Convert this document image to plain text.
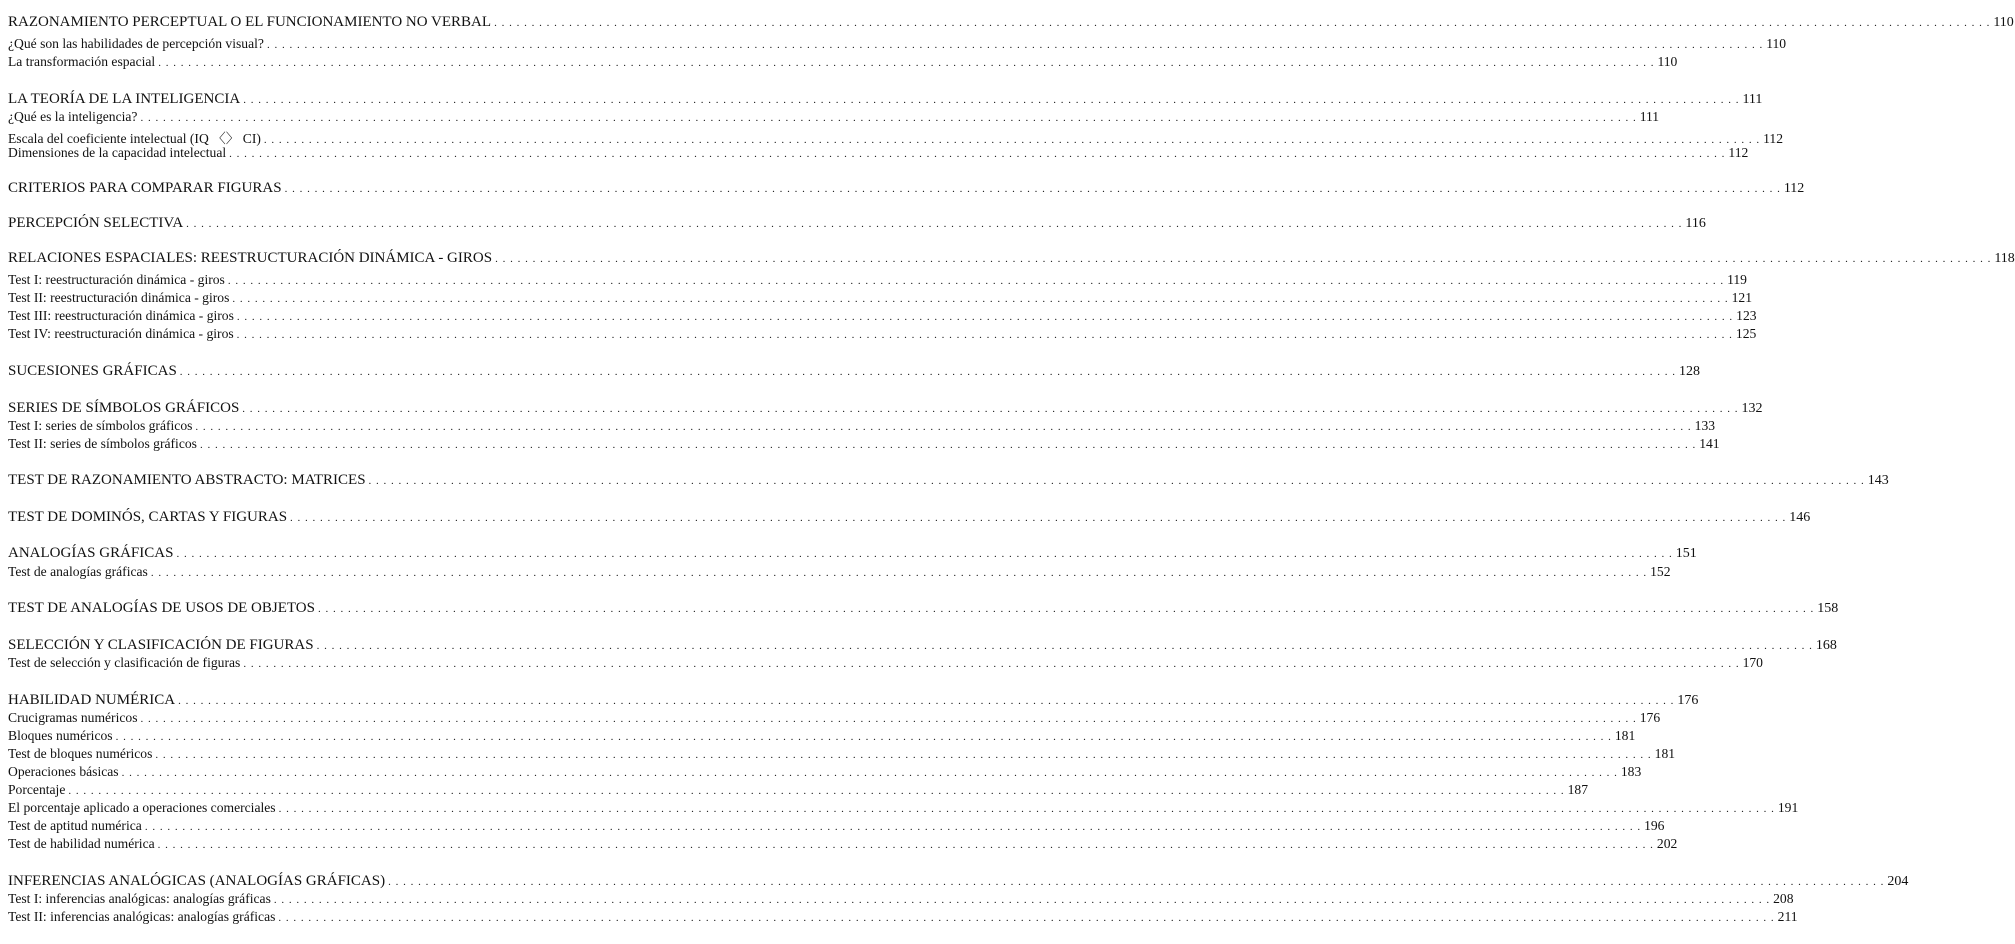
RAZONAMIENTO PERCEPTUAL O EL FUNCIONAMIENTO NO VERBAL . . . . . . . . . . . . . . . . . . . . . . . . . . . . . . . . . . . . . . . . . . . . . . . . . . . . . . . . . . . . . . . . . . . . . . . . . . . . . . . . . . . . . . . . . . . . . . . . . . . . . . . . . . . . . . . . . . . . . . . . . . . . . . . . . . . . . . . . . . . . . . . . . . . . . . . . . . . . . . . . . . . . . . . . . . . . . . . . . . . . . . . . . . . . . . . . . . . . . . . . 110
¿Qué son las habilidades de percepción visual? . . . . . . . . . . . . . . . . . . . . . . . . . . . . . . . . . . . . . . . . . . . . . . . . . . . . . . . . . . . . . . . . . . . . . . . . . . . . . . . . . . . . . . . . . . . . . . . . . . . . . . . . . . . . . . . . . . . . . . . . . . . . . . . . . . . . . . . . . . . . . . . . . . . . . . . . . . . . . . . . . . . . . . . . . . . . . . . . . . . . . . . . . . . . . . . . . . . . . . . . 110
La transformación espacial . . . . . . . . . . . . . . . . . . . . . . . . . . . . . . . . . . . . . . . . . . . . . . . . . . . . . . . . . . . . . . . . . . . . . . . . . . . . . . . . . . . . . . . . . . . . . . . . . . . . . . . . . . . . . . . . . . . . . . . . . . . . . . . . . . . . . . . . . . . . . . . . . . . . . . . . . . . . . . . . . . . . . . . . . . . . . . . . . . . . . . . . . . . . . . . . . . . . . . . . 110
LA TEORÍA DE LA INTELIGENCIA . . . . . . . . . . . . . . . . . . . . . . . . . . . . . . . . . . . . . . . . . . . . . . . . . . . . . . . . . . . . . . . . . . . . . . . . . . . . . . . . . . . . . . . . . . . . . . . . . . . . . . . . . . . . . . . . . . . . . . . . . . . . . . . . . . . . . . . . . . . . . . . . . . . . . . . . . . . . . . . . . . . . . . . . . . . . . . . . . . . . . . . . . . . . . . . . . . . . . . . . 111
¿Qué es la inteligencia? . . . . . . . . . . . . . . . . . . . . . . . . . . . . . . . . . . . . . . . . . . . . . . . . . . . . . . . . . . . . . . . . . . . . . . . . . . . . . . . . . . . . . . . . . . . . . . . . . . . . . . . . . . . . . . . . . . . . . . . . . . . . . . . . . . . . . . . . . . . . . . . . . . . . . . . . . . . . . . . . . . . . . . . . . . . . . . . . . . . . . . . . . . . . . . . . . . . . . . . . 111
Escala del coeficiente intelectual (IQ 〈〉 CI) . . . . . . . . . . . . . . . . . . . . . . . . . . . . . . . . . . . . . . . . . . . . . . . . . . . . . . . . . . . . . . . . . . . . . . . . . . . . . . . . . . . . . . . . . . . . . . . . . . . . . . . . . . . . . . . . . . . . . . . . . . . . . . . . . . . . . . . . . . . . . . . . . . . . . . . . . . . . . . . . . . . . . . . . . . . . . . . . . . . . . . . . . . . . . . . . . . . . . . . . 112
Dimensiones de la capacidad intelectual . . . . . . . . . . . . . . . . . . . . . . . . . . . . . . . . . . . . . . . . . . . . . . . . . . . . . . . . . . . . . . . . . . . . . . . . . . . . . . . . . . . . . . . . . . . . . . . . . . . . . . . . . . . . . . . . . . . . . . . . . . . . . . . . . . . . . . . . . . . . . . . . . . . . . . . . . . . . . . . . . . . . . . . . . . . . . . . . . . . . . . . . . . . . . . . . . . . . . . . . 112
CRITERIOS PARA COMPARAR FIGURAS . . . . . . . . . . . . . . . . . . . . . . . . . . . . . . . . . . . . . . . . . . . . . . . . . . . . . . . . . . . . . . . . . . . . . . . . . . . . . . . . . . . . . . . . . . . . . . . . . . . . . . . . . . . . . . . . . . . . . . . . . . . . . . . . . . . . . . . . . . . . . . . . . . . . . . . . . . . . . . . . . . . . . . . . . . . . . . . . . . . . . . . . . . . . . . . . . . . . . . . . 112
PERCEPCIÓN SELECTIVA . . . . . . . . . . . . . . . . . . . . . . . . . . . . . . . . . . . . . . . . . . . . . . . . . . . . . . . . . . . . . . . . . . . . . . . . . . . . . . . . . . . . . . . . . . . . . . . . . . . . . . . . . . . . . . . . . . . . . . . . . . . . . . . . . . . . . . . . . . . . . . . . . . . . . . . . . . . . . . . . . . . . . . . . . . . . . . . . . . . . . . . . . . . . . . . . . . . . . . . . 116
RELACIONES ESPACIALES: REESTRUCTURACIÓN DINÁMICA - GIROS . . . . . . . . . . . . . . . . . . . . . . . . . . . . . . . . . . . . . . . . . . . . . . . . . . . . . . . . . . . . . . . . . . . . . . . . . . . . . . . . . . . . . . . . . . . . . . . . . . . . . . . . . . . . . . . . . . . . . . . . . . . . . . . . . . . . . . . . . . . . . . . . . . . . . . . . . . . . . . . . . . . . . . . . . . . . . . . . . . . . . . . . . . . . . . . . . . . . . . . . 118
Test I: reestructuración dinámica - giros . . . . . . . . . . . . . . . . . . . . . . . . . . . . . . . . . . . . . . . . . . . . . . . . . . . . . . . . . . . . . . . . . . . . . . . . . . . . . . . . . . . . . . . . . . . . . . . . . . . . . . . . . . . . . . . . . . . . . . . . . . . . . . . . . . . . . . . . . . . . . . . . . . . . . . . . . . . . . . . . . . . . . . . . . . . . . . . . . . . . . . . . . . . . . . . . . . . . . . . . 119
Test II: reestructuración dinámica - giros . . . . . . . . . . . . . . . . . . . . . . . . . . . . . . . . . . . . . . . . . . . . . . . . . . . . . . . . . . . . . . . . . . . . . . . . . . . . . . . . . . . . . . . . . . . . . . . . . . . . . . . . . . . . . . . . . . . . . . . . . . . . . . . . . . . . . . . . . . . . . . . . . . . . . . . . . . . . . . . . . . . . . . . . . . . . . . . . . . . . . . . . . . . . . . . . . . . . . . . . 121
Test III: reestructuración dinámica - giros . . . . . . . . . . . . . . . . . . . . . . . . . . . . . . . . . . . . . . . . . . . . . . . . . . . . . . . . . . . . . . . . . . . . . . . . . . . . . . . . . . . . . . . . . . . . . . . . . . . . . . . . . . . . . . . . . . . . . . . . . . . . . . . . . . . . . . . . . . . . . . . . . . . . . . . . . . . . . . . . . . . . . . . . . . . . . . . . . . . . . . . . . . . . . . . . . . . . . . . . 123
Test IV: reestructuración dinámica - giros . . . . . . . . . . . . . . . . . . . . . . . . . . . . . . . . . . . . . . . . . . . . . . . . . . . . . . . . . . . . . . . . . . . . . . . . . . . . . . . . . . . . . . . . . . . . . . . . . . . . . . . . . . . . . . . . . . . . . . . . . . . . . . . . . . . . . . . . . . . . . . . . . . . . . . . . . . . . . . . . . . . . . . . . . . . . . . . . . . . . . . . . . . . . . . . . . . . . . . . . 125
SUCESIONES GRÁFICAS . . . . . . . . . . . . . . . . . . . . . . . . . . . . . . . . . . . . . . . . . . . . . . . . . . . . . . . . . . . . . . . . . . . . . . . . . . . . . . . . . . . . . . . . . . . . . . . . . . . . . . . . . . . . . . . . . . . . . . . . . . . . . . . . . . . . . . . . . . . . . . . . . . . . . . . . . . . . . . . . . . . . . . . . . . . . . . . . . . . . . . . . . . . . . . . . . . . . . . . . 128
SERIES DE SÍMBOLOS GRÁFICOS . . . . . . . . . . . . . . . . . . . . . . . . . . . . . . . . . . . . . . . . . . . . . . . . . . . . . . . . . . . . . . . . . . . . . . . . . . . . . . . . . . . . . . . . . . . . . . . . . . . . . . . . . . . . . . . . . . . . . . . . . . . . . . . . . . . . . . . . . . . . . . . . . . . . . . . . . . . . . . . . . . . . . . . . . . . . . . . . . . . . . . . . . . . . . . . . . . . . . . . . 132
Test I: series de símbolos gráficos . . . . . . . . . . . . . . . . . . . . . . . . . . . . . . . . . . . . . . . . . . . . . . . . . . . . . . . . . . . . . . . . . . . . . . . . . . . . . . . . . . . . . . . . . . . . . . . . . . . . . . . . . . . . . . . . . . . . . . . . . . . . . . . . . . . . . . . . . . . . . . . . . . . . . . . . . . . . . . . . . . . . . . . . . . . . . . . . . . . . . . . . . . . . . . . . . . . . . . . . 133
Test II: series de símbolos gráficos . . . . . . . . . . . . . . . . . . . . . . . . . . . . . . . . . . . . . . . . . . . . . . . . . . . . . . . . . . . . . . . . . . . . . . . . . . . . . . . . . . . . . . . . . . . . . . . . . . . . . . . . . . . . . . . . . . . . . . . . . . . . . . . . . . . . . . . . . . . . . . . . . . . . . . . . . . . . . . . . . . . . . . . . . . . . . . . . . . . . . . . . . . . . . . . . . . . . . . . . 141
TEST DE RAZONAMIENTO ABSTRACTO: MATRICES . . . . . . . . . . . . . . . . . . . . . . . . . . . . . . . . . . . . . . . . . . . . . . . . . . . . . . . . . . . . . . . . . . . . . . . . . . . . . . . . . . . . . . . . . . . . . . . . . . . . . . . . . . . . . . . . . . . . . . . . . . . . . . . . . . . . . . . . . . . . . . . . . . . . . . . . . . . . . . . . . . . . . . . . . . . . . . . . . . . . . . . . . . . . . . . . . . . . . . . . 143
TEST DE DOMINÓS, CARTAS Y FIGURAS . . . . . . . . . . . . . . . . . . . . . . . . . . . . . . . . . . . . . . . . . . . . . . . . . . . . . . . . . . . . . . . . . . . . . . . . . . . . . . . . . . . . . . . . . . . . . . . . . . . . . . . . . . . . . . . . . . . . . . . . . . . . . . . . . . . . . . . . . . . . . . . . . . . . . . . . . . . . . . . . . . . . . . . . . . . . . . . . . . . . . . . . . . . . . . . . . . . . . . . . 146
ANALOGÍAS GRÁFICAS . . . . . . . . . . . . . . . . . . . . . . . . . . . . . . . . . . . . . . . . . . . . . . . . . . . . . . . . . . . . . . . . . . . . . . . . . . . . . . . . . . . . . . . . . . . . . . . . . . . . . . . . . . . . . . . . . . . . . . . . . . . . . . . . . . . . . . . . . . . . . . . . . . . . . . . . . . . . . . . . . . . . . . . . . . . . . . . . . . . . . . . . . . . . . . . . . . . . . . . . 151
Test de analogías gráficas . . . . . . . . . . . . . . . . . . . . . . . . . . . . . . . . . . . . . . . . . . . . . . . . . . . . . . . . . . . . . . . . . . . . . . . . . . . . . . . . . . . . . . . . . . . . . . . . . . . . . . . . . . . . . . . . . . . . . . . . . . . . . . . . . . . . . . . . . . . . . . . . . . . . . . . . . . . . . . . . . . . . . . . . . . . . . . . . . . . . . . . . . . . . . . . . . . . . . . . . 152
TEST DE ANALOGÍAS DE USOS DE OBJETOS . . . . . . . . . . . . . . . . . . . . . . . . . . . . . . . . . . . . . . . . . . . . . . . . . . . . . . . . . . . . . . . . . . . . . . . . . . . . . . . . . . . . . . . . . . . . . . . . . . . . . . . . . . . . . . . . . . . . . . . . . . . . . . . . . . . . . . . . . . . . . . . . . . . . . . . . . . . . . . . . . . . . . . . . . . . . . . . . . . . . . . . . . . . . . . . . . . . . . . . . 158
SELECCIÓN Y CLASIFICACIÓN DE FIGURAS . . . . . . . . . . . . . . . . . . . . . . . . . . . . . . . . . . . . . . . . . . . . . . . . . . . . . . . . . . . . . . . . . . . . . . . . . . . . . . . . . . . . . . . . . . . . . . . . . . . . . . . . . . . . . . . . . . . . . . . . . . . . . . . . . . . . . . . . . . . . . . . . . . . . . . . . . . . . . . . . . . . . . . . . . . . . . . . . . . . . . . . . . . . . . . . . . . . . . . . . 168
Test de selección y clasificación de figuras . . . . . . . . . . . . . . . . . . . . . . . . . . . . . . . . . . . . . . . . . . . . . . . . . . . . . . . . . . . . . . . . . . . . . . . . . . . . . . . . . . . . . . . . . . . . . . . . . . . . . . . . . . . . . . . . . . . . . . . . . . . . . . . . . . . . . . . . . . . . . . . . . . . . . . . . . . . . . . . . . . . . . . . . . . . . . . . . . . . . . . . . . . . . . . . . . . . . . . . . 170
HABILIDAD NUMÉRICA . . . . . . . . . . . . . . . . . . . . . . . . . . . . . . . . . . . . . . . . . . . . . . . . . . . . . . . . . . . . . . . . . . . . . . . . . . . . . . . . . . . . . . . . . . . . . . . . . . . . . . . . . . . . . . . . . . . . . . . . . . . . . . . . . . . . . . . . . . . . . . . . . . . . . . . . . . . . . . . . . . . . . . . . . . . . . . . . . . . . . . . . . . . . . . . . . . . . . . . . 176
Crucigramas numéricos . . . . . . . . . . . . . . . . . . . . . . . . . . . . . . . . . . . . . . . . . . . . . . . . . . . . . . . . . . . . . . . . . . . . . . . . . . . . . . . . . . . . . . . . . . . . . . . . . . . . . . . . . . . . . . . . . . . . . . . . . . . . . . . . . . . . . . . . . . . . . . . . . . . . . . . . . . . . . . . . . . . . . . . . . . . . . . . . . . . . . . . . . . . . . . . . . . . . . . . . 176
Bloques numéricos . . . . . . . . . . . . . . . . . . . . . . . . . . . . . . . . . . . . . . . . . . . . . . . . . . . . . . . . . . . . . . . . . . . . . . . . . . . . . . . . . . . . . . . . . . . . . . . . . . . . . . . . . . . . . . . . . . . . . . . . . . . . . . . . . . . . . . . . . . . . . . . . . . . . . . . . . . . . . . . . . . . . . . . . . . . . . . . . . . . . . . . . . . . . . . . . . . . . . . . . 181
Test de bloques numéricos . . . . . . . . . . . . . . . . . . . . . . . . . . . . . . . . . . . . . . . . . . . . . . . . . . . . . . . . . . . . . . . . . . . . . . . . . . . . . . . . . . . . . . . . . . . . . . . . . . . . . . . . . . . . . . . . . . . . . . . . . . . . . . . . . . . . . . . . . . . . . . . . . . . . . . . . . . . . . . . . . . . . . . . . . . . . . . . . . . . . . . . . . . . . . . . . . . . . . . . . 181
Operaciones básicas . . . . . . . . . . . . . . . . . . . . . . . . . . . . . . . . . . . . . . . . . . . . . . . . . . . . . . . . . . . . . . . . . . . . . . . . . . . . . . . . . . . . . . . . . . . . . . . . . . . . . . . . . . . . . . . . . . . . . . . . . . . . . . . . . . . . . . . . . . . . . . . . . . . . . . . . . . . . . . . . . . . . . . . . . . . . . . . . . . . . . . . . . . . . . . . . . . . . . . . . 183
Porcentaje . . . . . . . . . . . . . . . . . . . . . . . . . . . . . . . . . . . . . . . . . . . . . . . . . . . . . . . . . . . . . . . . . . . . . . . . . . . . . . . . . . . . . . . . . . . . . . . . . . . . . . . . . . . . . . . . . . . . . . . . . . . . . . . . . . . . . . . . . . . . . . . . . . . . . . . . . . . . . . . . . . . . . . . . . . . . . . . . . . . . . . . . . . . . . . . . . . . . . . . . 187
El porcentaje aplicado a operaciones comerciales . . . . . . . . . . . . . . . . . . . . . . . . . . . . . . . . . . . . . . . . . . . . . . . . . . . . . . . . . . . . . . . . . . . . . . . . . . . . . . . . . . . . . . . . . . . . . . . . . . . . . . . . . . . . . . . . . . . . . . . . . . . . . . . . . . . . . . . . . . . . . . . . . . . . . . . . . . . . . . . . . . . . . . . . . . . . . . . . . . . . . . . . . . . . . . . . . . . . . . . . 191
Test de aptitud numérica . . . . . . . . . . . . . . . . . . . . . . . . . . . . . . . . . . . . . . . . . . . . . . . . . . . . . . . . . . . . . . . . . . . . . . . . . . . . . . . . . . . . . . . . . . . . . . . . . . . . . . . . . . . . . . . . . . . . . . . . . . . . . . . . . . . . . . . . . . . . . . . . . . . . . . . . . . . . . . . . . . . . . . . . . . . . . . . . . . . . . . . . . . . . . . . . . . . . . . . . 196
Test de habilidad numérica . . . . . . . . . . . . . . . . . . . . . . . . . . . . . . . . . . . . . . . . . . . . . . . . . . . . . . . . . . . . . . . . . . . . . . . . . . . . . . . . . . . . . . . . . . . . . . . . . . . . . . . . . . . . . . . . . . . . . . . . . . . . . . . . . . . . . . . . . . . . . . . . . . . . . . . . . . . . . . . . . . . . . . . . . . . . . . . . . . . . . . . . . . . . . . . . . . . . . . . . 202
INFERENCIAS ANALÓGICAS (ANALOGÍAS GRÁFICAS) . . . . . . . . . . . . . . . . . . . . . . . . . . . . . . . . . . . . . . . . . . . . . . . . . . . . . . . . . . . . . . . . . . . . . . . . . . . . . . . . . . . . . . . . . . . . . . . . . . . . . . . . . . . . . . . . . . . . . . . . . . . . . . . . . . . . . . . . . . . . . . . . . . . . . . . . . . . . . . . . . . . . . . . . . . . . . . . . . . . . . . . . . . . . . . . . . . . . . . . . 204
Test I: inferencias analógicas: analogías gráficas . . . . . . . . . . . . . . . . . . . . . . . . . . . . . . . . . . . . . . . . . . . . . . . . . . . . . . . . . . . . . . . . . . . . . . . . . . . . . . . . . . . . . . . . . . . . . . . . . . . . . . . . . . . . . . . . . . . . . . . . . . . . . . . . . . . . . . . . . . . . . . . . . . . . . . . . . . . . . . . . . . . . . . . . . . . . . . . . . . . . . . . . . . . . . . . . . . . . . . . . 208
Test II: inferencias analógicas: analogías gráficas . . . . . . . . . . . . . . . . . . . . . . . . . . . . . . . . . . . . . . . . . . . . . . . . . . . . . . . . . . . . . . . . . . . . . . . . . . . . . . . . . . . . . . . . . . . . . . . . . . . . . . . . . . . . . . . . . . . . . . . . . . . . . . . . . . . . . . . . . . . . . . . . . . . . . . . . . . . . . . . . . . . . . . . . . . . . . . . . . . . . . . . . . . . . . . . . . . . . . . . . 211
